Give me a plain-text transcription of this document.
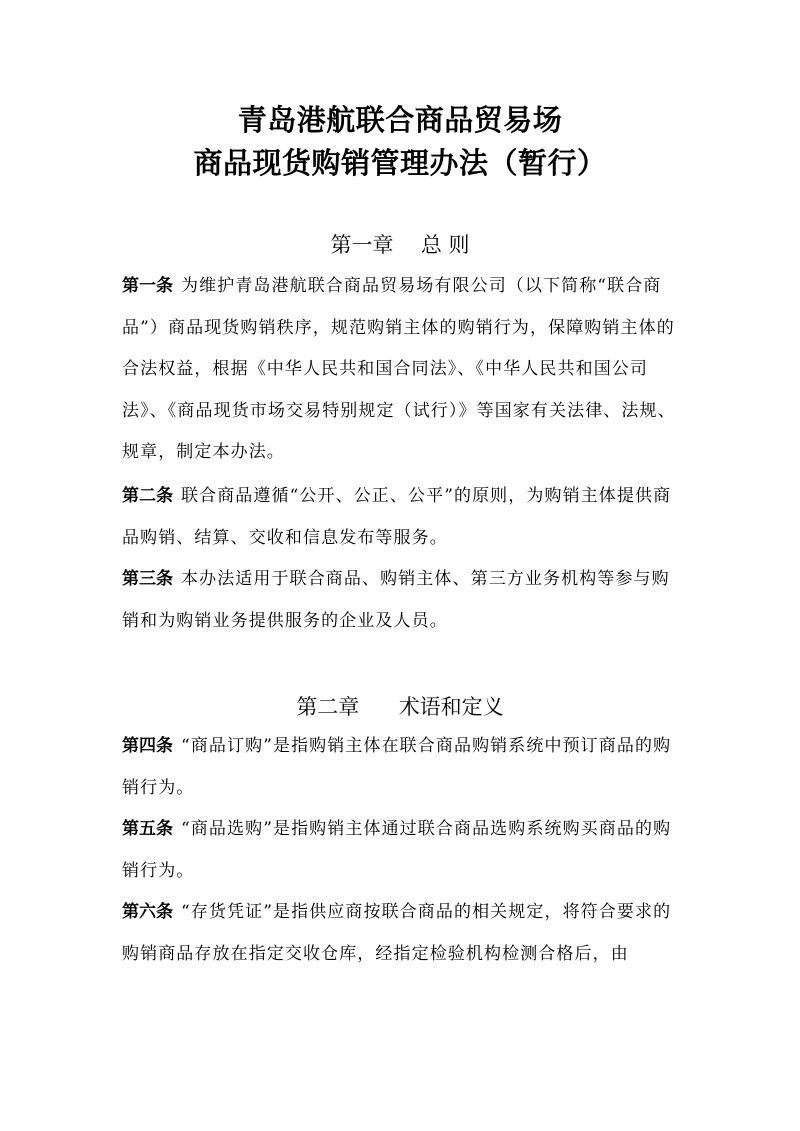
青岛港航联合商品贸易场
商品现货购销管理办法（暂行）
第一章 总 则
第一条 为维护青岛港航联合商品贸易场有限公司（以下简称“联合商品”）商品现货购销秩序，规范购销主体的购销行为，保障购销主体的合法权益，根据《中华人民共和国合同法》、《中华人民共和国公司法》、《商品现货市场交易特别规定（试行）》等国家有关法律、法规、规章，制定本办法。
第二条 联合商品遵循“公开、公正、公平”的原则，为购销主体提供商品购销、结算、交收和信息发布等服务。
第三条 本办法适用于联合商品、购销主体、第三方业务机构等参与购销和为购销业务提供服务的企业及人员。
第二章 术语和定义
第四条 “商品订购”是指购销主体在联合商品购销系统中预订商品的购销行为。
第五条 “商品选购”是指购销主体通过联合商品选购系统购买商品的购销行为。
第六条 “存货凭证”是指供应商按联合商品的相关规定，将符合要求的购销商品存放在指定交收仓库，经指定检验机构检测合格后，由
